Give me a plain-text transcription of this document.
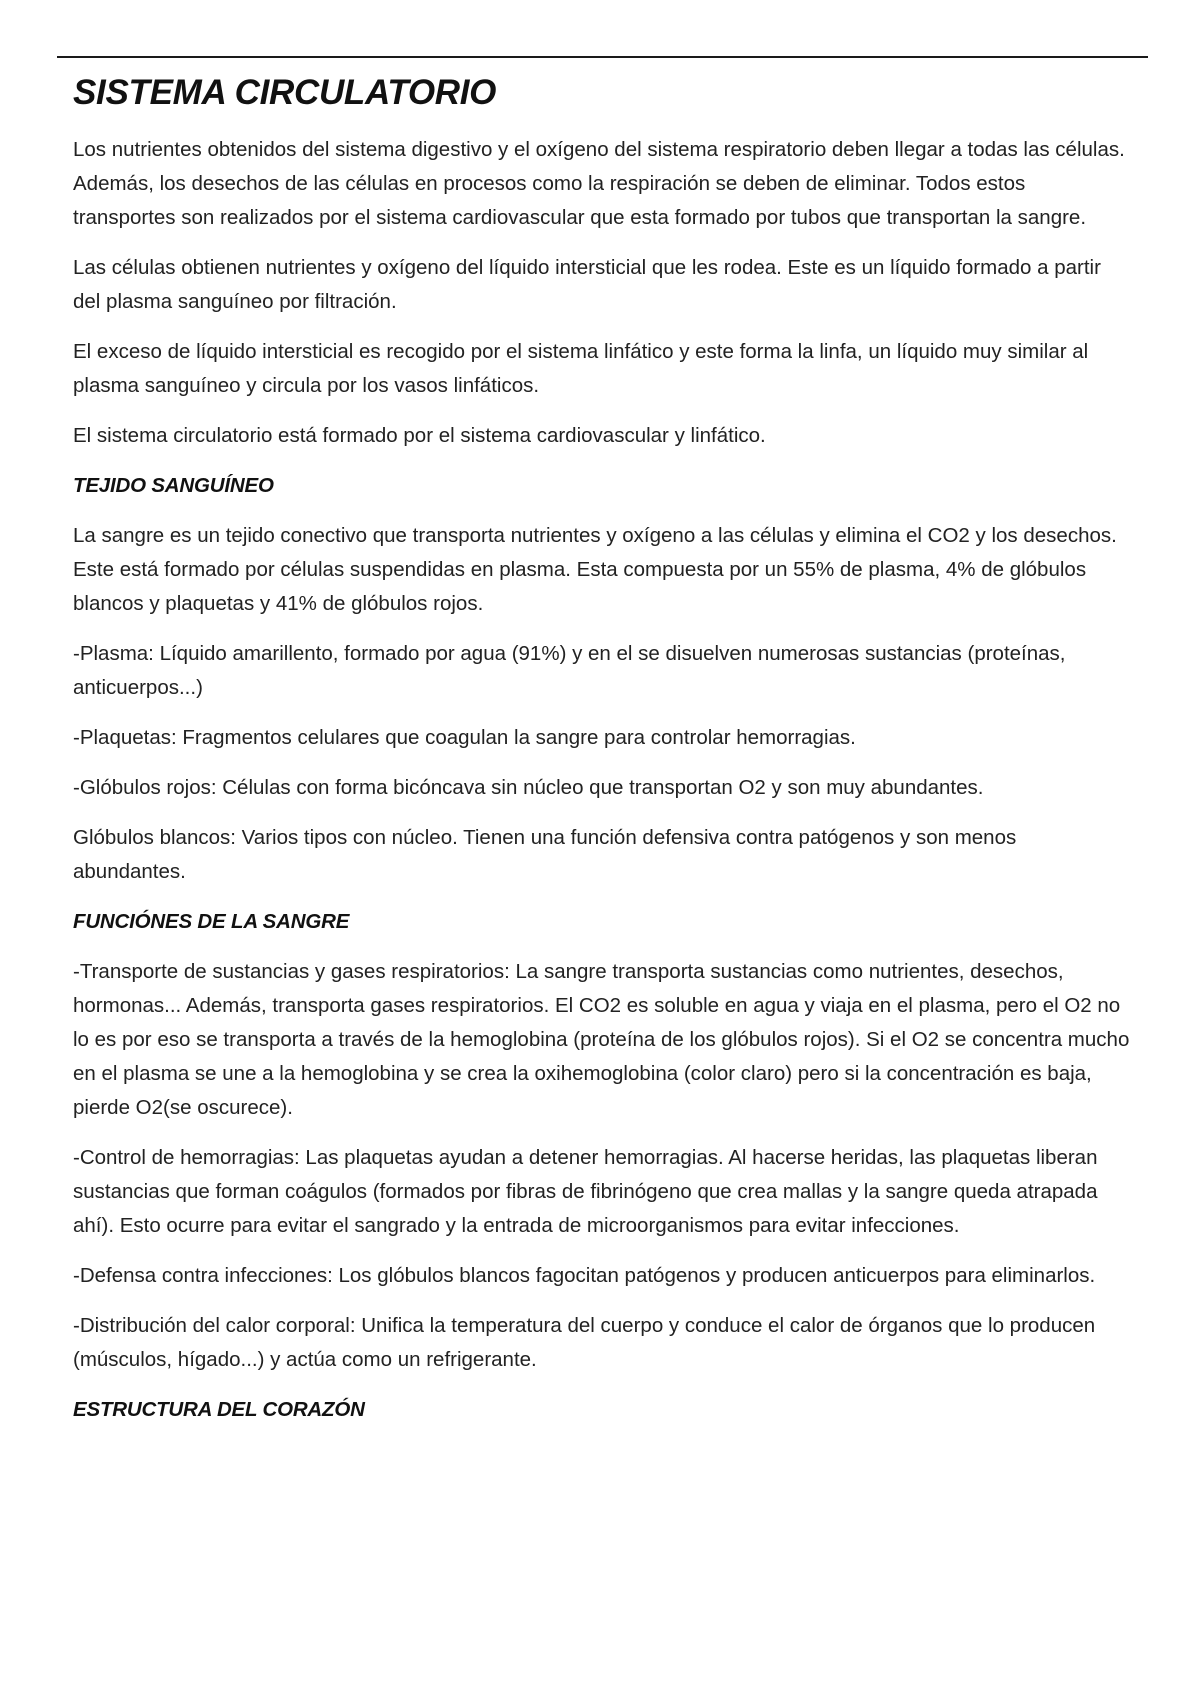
SISTEMA CIRCULATORIO

Los nutrientes obtenidos del sistema digestivo y el oxígeno del sistema respiratorio deben llegar a todas las células. Además, los desechos de las células en procesos como la respiración se deben de eliminar. Todos estos transportes son realizados por el sistema cardiovascular que esta formado por tubos que transportan la sangre.

Las células obtienen nutrientes y oxígeno del líquido intersticial que les rodea. Este es un líquido formado a partir del plasma sanguíneo por filtración.

El exceso de líquido intersticial es recogido por el sistema linfático y este forma la linfa, un líquido muy similar al plasma sanguíneo y circula por los vasos linfáticos.

El sistema circulatorio está formado por el sistema cardiovascular y linfático.

TEJIDO SANGUÍNEO

La sangre es un tejido conectivo que transporta nutrientes y oxígeno a las células y elimina el CO2 y los desechos. Este está formado por células suspendidas en plasma. Esta compuesta por un 55% de plasma, 4% de glóbulos blancos y plaquetas y 41% de glóbulos rojos.

-Plasma: Líquido amarillento, formado por agua (91%) y en el se disuelven numerosas sustancias (proteínas, anticuerpos...)

-Plaquetas: Fragmentos celulares que coagulan la sangre para controlar hemorragias.

-Glóbulos rojos: Células con forma bicóncava sin núcleo que transportan O2 y son muy abundantes.

Glóbulos blancos: Varios tipos con núcleo. Tienen una función defensiva contra patógenos y son menos abundantes.

FUNCIÓNES DE LA SANGRE

-Transporte de sustancias y gases respiratorios: La sangre transporta sustancias como nutrientes, desechos, hormonas... Además, transporta gases respiratorios. El CO2 es soluble en agua y viaja en el plasma, pero el O2 no lo es por eso se transporta a través de la hemoglobina (proteína de los glóbulos rojos). Si el O2 se concentra mucho en el plasma se une a la hemoglobina y se crea la oxihemoglobina (color claro) pero si la concentración es baja, pierde O2(se oscurece).

-Control de hemorragias: Las plaquetas ayudan a detener hemorragias. Al hacerse heridas, las plaquetas liberan sustancias que forman coágulos (formados por fibras de fibrinógeno que crea mallas y la sangre queda atrapada ahí). Esto ocurre para evitar el sangrado y la entrada de microorganismos para evitar infecciones.

-Defensa contra infecciones: Los glóbulos blancos fagocitan patógenos y producen anticuerpos para eliminarlos.

-Distribución del calor corporal: Unifica la temperatura del cuerpo y conduce el calor de órganos que lo producen (músculos, hígado...) y actúa como un refrigerante.

ESTRUCTURA DEL CORAZÓN
